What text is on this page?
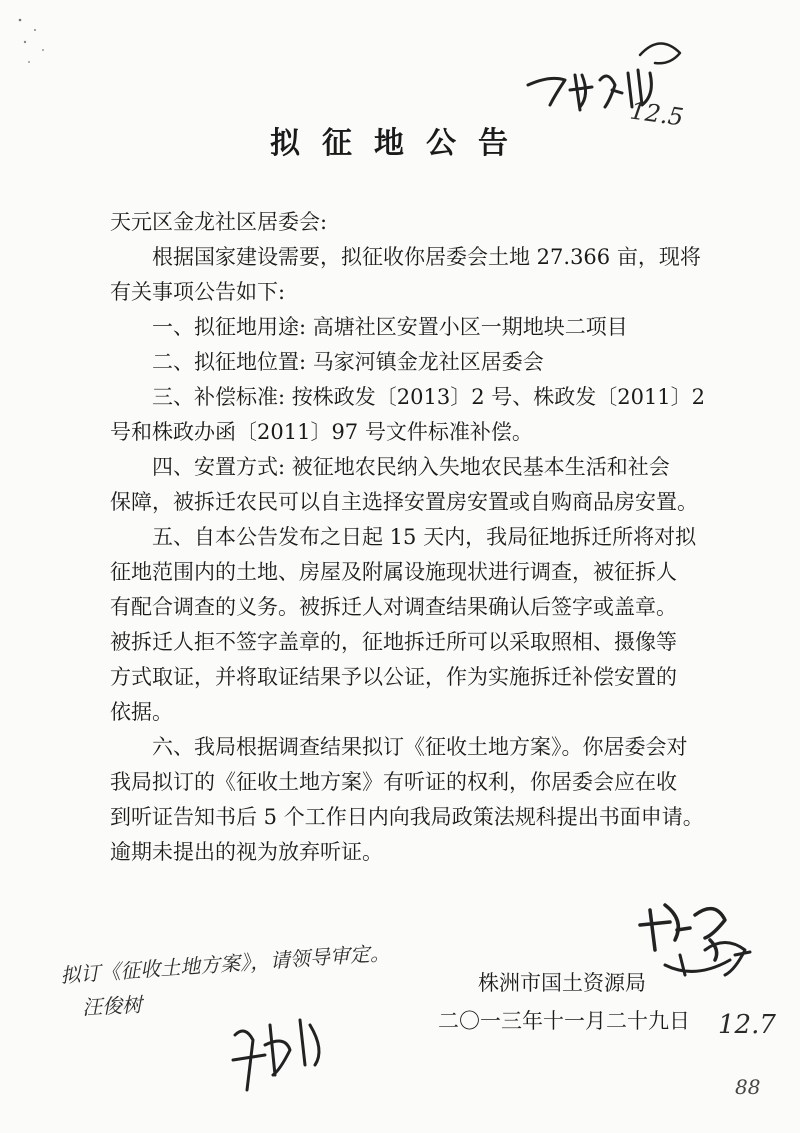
12.5
拟征地公告
天元区金龙社区居委会:
根据国家建设需要，拟征收你居委会土地 27.366 亩，现将
有关事项公告如下:
一、拟征地用途: 高塘社区安置小区一期地块二项目
二、拟征地位置: 马家河镇金龙社区居委会
三、补偿标准: 按株政发〔2013〕2 号、株政发〔2011〕2
号和株政办函〔2011〕97 号文件标准补偿。
四、安置方式: 被征地农民纳入失地农民基本生活和社会
保障，被拆迁农民可以自主选择安置房安置或自购商品房安置。
五、自本公告发布之日起 15 天内，我局征地拆迁所将对拟
征地范围内的土地、房屋及附属设施现状进行调查，被征拆人
有配合调查的义务。被拆迁人对调查结果确认后签字或盖章。
被拆迁人拒不签字盖章的，征地拆迁所可以采取照相、摄像等
方式取证，并将取证结果予以公证，作为实施拆迁补偿安置的
依据。
六、我局根据调查结果拟订《征收土地方案》。你居委会对
我局拟订的《征收土地方案》有听证的权利，你居委会应在收
到听证告知书后 5 个工作日内向我局政策法规科提出书面申请。
逾期未提出的视为放弃听证。
拟订《征收土地方案》，请领导审定。
汪俊树
12.7
株洲市国土资源局
二〇一三年十一月二十九日
88
